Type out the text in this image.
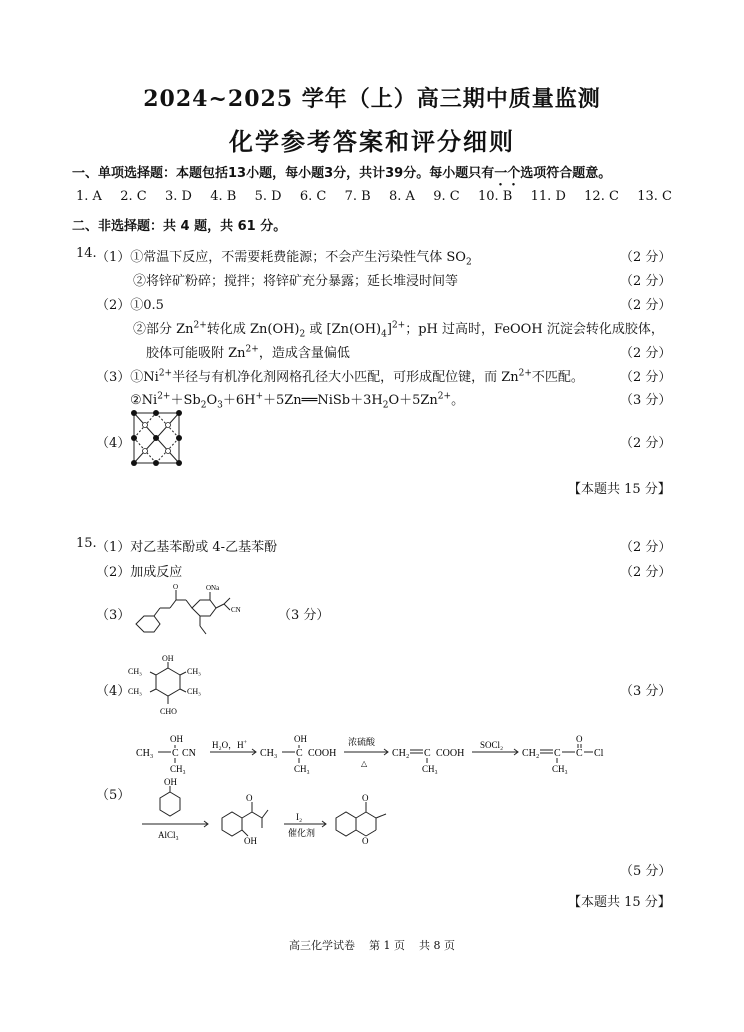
2024~2025 学年（上）高三期中质量监测
化学参考答案和评分细则
一、单项选择题：本题包括13小题，每小题3分，共计39分。每小题只有一个选项符合题意。
1. A 2. C 3. D 4. B 5. D 6. C 7. B 8. A 9. C 10. B 11. D 12. C 13. C
二、非选择题：共 4 题，共 61 分。
14. （1）①常温下反应，不需要耗费能源；不会产生污染性气体 $SO_2$	（2 分）
②将锌矿粉碎；搅拌；将锌矿充分暴露；延长堆浸时间等	（2 分）
（2）①0.5	（2 分）
②部分 $Zn^{2+}$转化成 $Zn(OH)_2$ 或 $[Zn(OH)_4]^{2+}$；pH 过高时，FeOOH 沉淀会转化成胶体，
胶体可能吸附 $Zn^{2+}$，造成含量偏低	（2 分）
$(3)①Ni^{2+}$半径与有机净化剂网格孔径大小匹配，可形成配位键，而 $Zn^{2+}$不匹配。	（2 分）
$②Ni^{2+}+Sb_2O_3+6H^++5Zn══NiSb+3H_2O+5Zn^{2+}$。	（3 分）
（4）	（2 分）
【本题共 15 分】
15. （1）对乙基苯酚或 4-乙基苯酚	（2 分）
（2）加成反应	（2 分）
（3）
O	ONa
CN	（3 分）
（4）
OH
CH₃
CH₃
CH₃
CH₃
CHO
（3 分）
CH₃ C CN
OH
CH₃
H₂O，H+
CH₃ C COOH
OH
CH₃
浓硫酸
△
CH₂ C COOH
CH₃
SOCl₂
CH₂ C C Cl
O
CH₃
（5）
OH
AlCl₃
O
OH
I₂
催化剂
O
O
（5 分）
【本题共 15 分】
高三化学试卷 第 1 页 共 8 页
